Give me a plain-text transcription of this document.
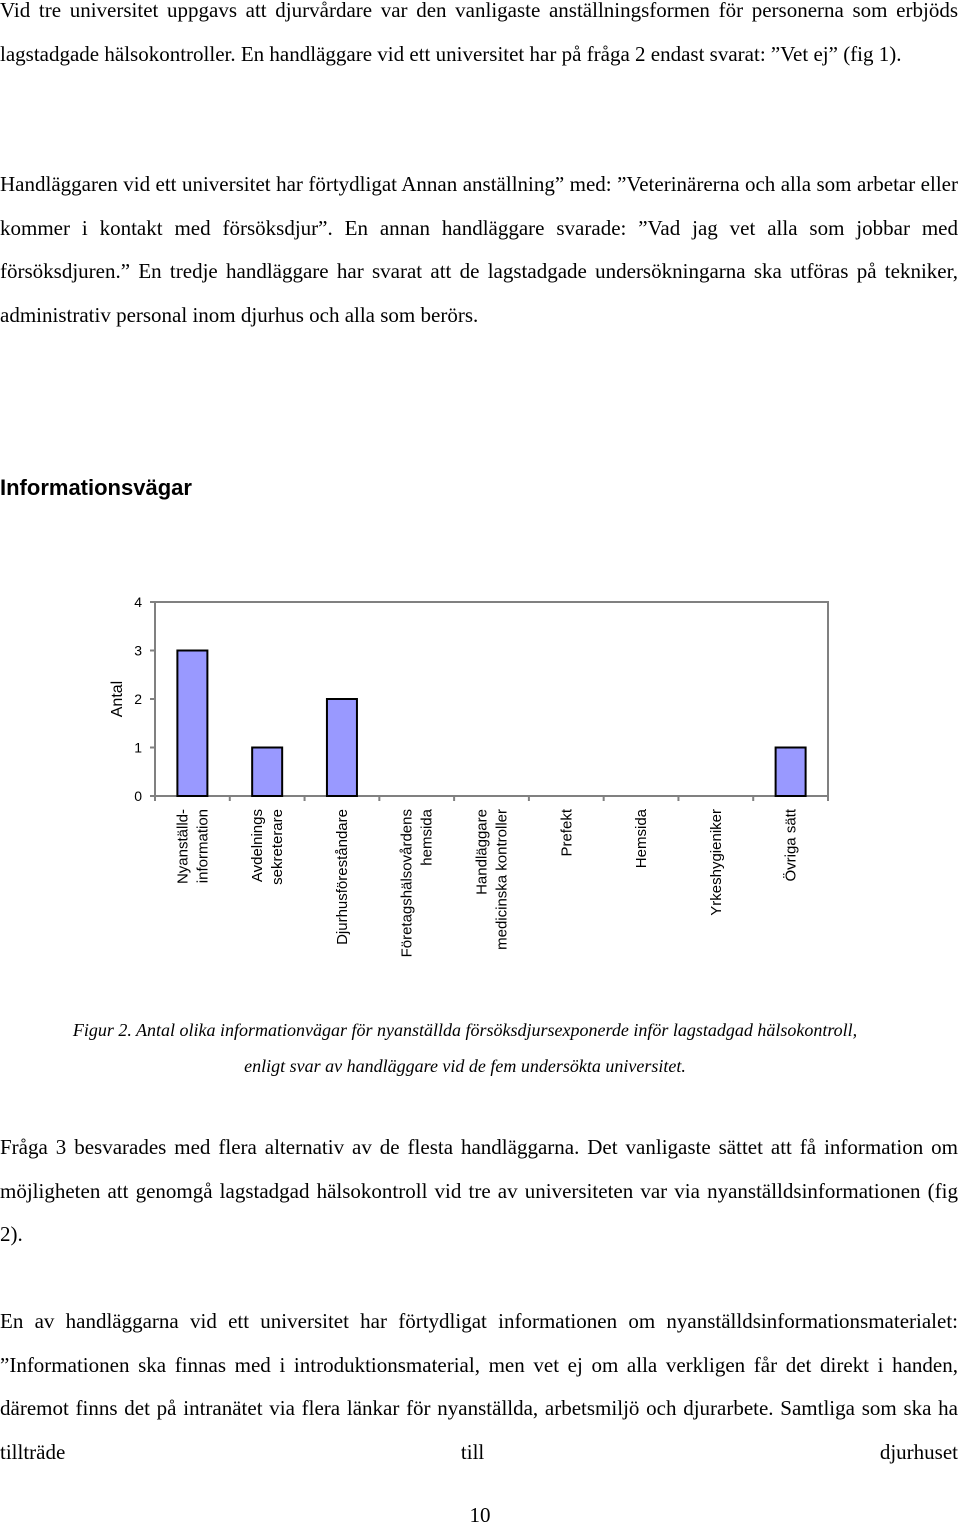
Vid tre universitet uppgavs att djurvårdare var den vanligaste anställningsformen för personerna som erbjöds lagstadgade hälsokontroller. En handläggare vid ett universitet har på fråga 2 endast svarat: ”Vet ej” (fig 1).

Handläggaren vid ett universitet har förtydligat Annan anställning” med: ”Veterinärerna och alla som arbetar eller kommer i kontakt med försöksdjur”. En annan handläggare svarade: ”Vad jag vet alla som jobbar med försöksdjuren.” En tredje handläggare har svarat att de lagstadgade undersökningarna ska utföras på tekniker, administrativ personal inom djurhus och alla som berörs.

Informationsvägar
0
1
2
3
4
Antal
Nyanställd- information	Avdelnings sekreterare	Djurhusföreståndare	Företagshälsovårdens hemsida	Handläggare medicinska kontroller	Prefekt	Hemsida	Yrkeshygieniker	Övriga sätt

Figur 2. Antal olika informationvägar för nyanställda försöksdjursexponerde inför lagstadgad hälsokontroll,
enligt svar av handläggare vid de fem undersökta universitet.

Fråga 3 besvarades med flera alternativ av de flesta handläggarna. Det vanligaste sättet att få information om möjligheten att genomgå lagstadgad hälsokontroll vid tre av universiteten var via nyanställdsinformationen (fig 2).

En av handläggarna vid ett universitet har förtydligat informationen om nyanställdsinformationsmaterialet: ”Informationen ska finnas med i introduktionsmaterial, men vet ej om alla verkligen får det direkt i handen, däremot finns det på intranätet via flera länkar för nyanställda, arbetsmiljö och djurarbete. Samtliga som ska ha tillträde till djurhuset

10
